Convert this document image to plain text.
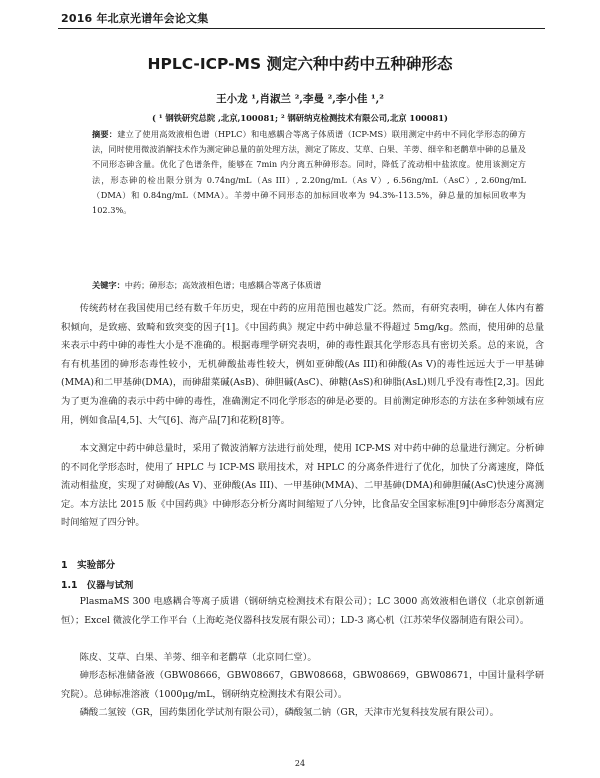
2016 年北京光谱年会论文集
HPLC-ICP-MS 测定六种中药中五种砷形态
王小龙 ¹,肖淑兰 ²,李曼 ²,李小佳 ¹,²
( ¹ 钢铁研究总院 ,北京,100081; ² 钢研纳克检测技术有限公司,北京 100081)
摘要：建立了使用高效液相色谱（HPLC）和电感耦合等离子体质谱（ICP-MS）联用测定中药中不同化学形态的砷方法，同时使用微波消解技术作为测定砷总量的前处理方法，测定了陈皮、艾草、白果、羊蒡、细辛和老鹳草中砷的总量及不同形态砷含量。优化了色谱条件，能够在 7min 内分离五种砷形态。同时，降低了流动相中盐浓度。使用该测定方法，形态砷的检出限分别为 0.74ng/mL（As III）, 2.20ng/mL（As V）, 6.56ng/mL（AsC）, 2.60ng/mL（DMA）和 0.84ng/mL（MMA）。羊蒡中砷不同形态的加标回收率为 94.3%-113.5%，砷总量的加标回收率为 102.3%。
关键字：中药；砷形态；高效液相色谱；电感耦合等离子体质谱
传统药材在我国使用已经有数千年历史，现在中药的应用范围也越发广泛。然而，有研究表明，砷在人体内有蓄积倾向，是致癌、致畸和致突变的因子[1]。《中国药典》规定中药中砷总量不得超过 5mg/kg。然而，使用砷的总量来表示中药中砷的毒性大小是不准确的。根据毒理学研究表明，砷的毒性跟其化学形态具有密切关系。总的来说，含有有机基团的砷形态毒性较小，无机砷酸盐毒性较大，例如亚砷酸(As III)和砷酸(As V)的毒性远远大于一甲基砷(MMA)和二甲基砷(DMA)，而砷甜菜碱(AsB)、砷胆碱(AsC)、砷糖(AsS)和砷脂(AsL)则几乎没有毒性[2,3]。因此为了更为准确的表示中药中砷的毒性，准确测定不同化学形态的砷是必要的。目前测定砷形态的方法在多种领域有应用，例如食品[4,5]、大气[6]、海产品[7]和花粉[8]等。
本文测定中药中砷总量时，采用了微波消解方法进行前处理，使用 ICP-MS 对中药中砷的总量进行测定。分析砷的不同化学形态时，使用了 HPLC 与 ICP-MS 联用技术，对 HPLC 的分离条件进行了优化，加快了分离速度，降低流动相盐度，实现了对砷酸(As V)、亚砷酸(As III)、一甲基砷(MMA)、二甲基砷(DMA)和砷胆碱(AsC)快速分离测定。本方法比 2015 版《中国药典》中砷形态分析分离时间缩短了八分钟，比食品安全国家标准[9]中砷形态分离测定时间缩短了四分钟。
1　实验部分
1.1　仪器与试剂
PlasmaMS 300 电感耦合等离子质谱（钢研纳克检测技术有限公司）；LC 3000 高效液相色谱仪（北京创新通恒）；Excel 微波化学工作平台（上海屹尧仪器科技发展有限公司）；LD-3 离心机（江苏荣华仪器制造有限公司）。
陈皮、艾草、白果、羊蒡、细辛和老鹳草（北京同仁堂）。
砷形态标准储备液（GBW08666，GBW08667，GBW08668，GBW08669，GBW08671，中国计量科学研究院）。总砷标准溶液（1000μg/mL，钢研纳克检测技术有限公司）。
磷酸二氢铵（GR，国药集团化学试剂有限公司），磷酸氢二钠（GR，天津市光复科技发展有限公司）。
24
